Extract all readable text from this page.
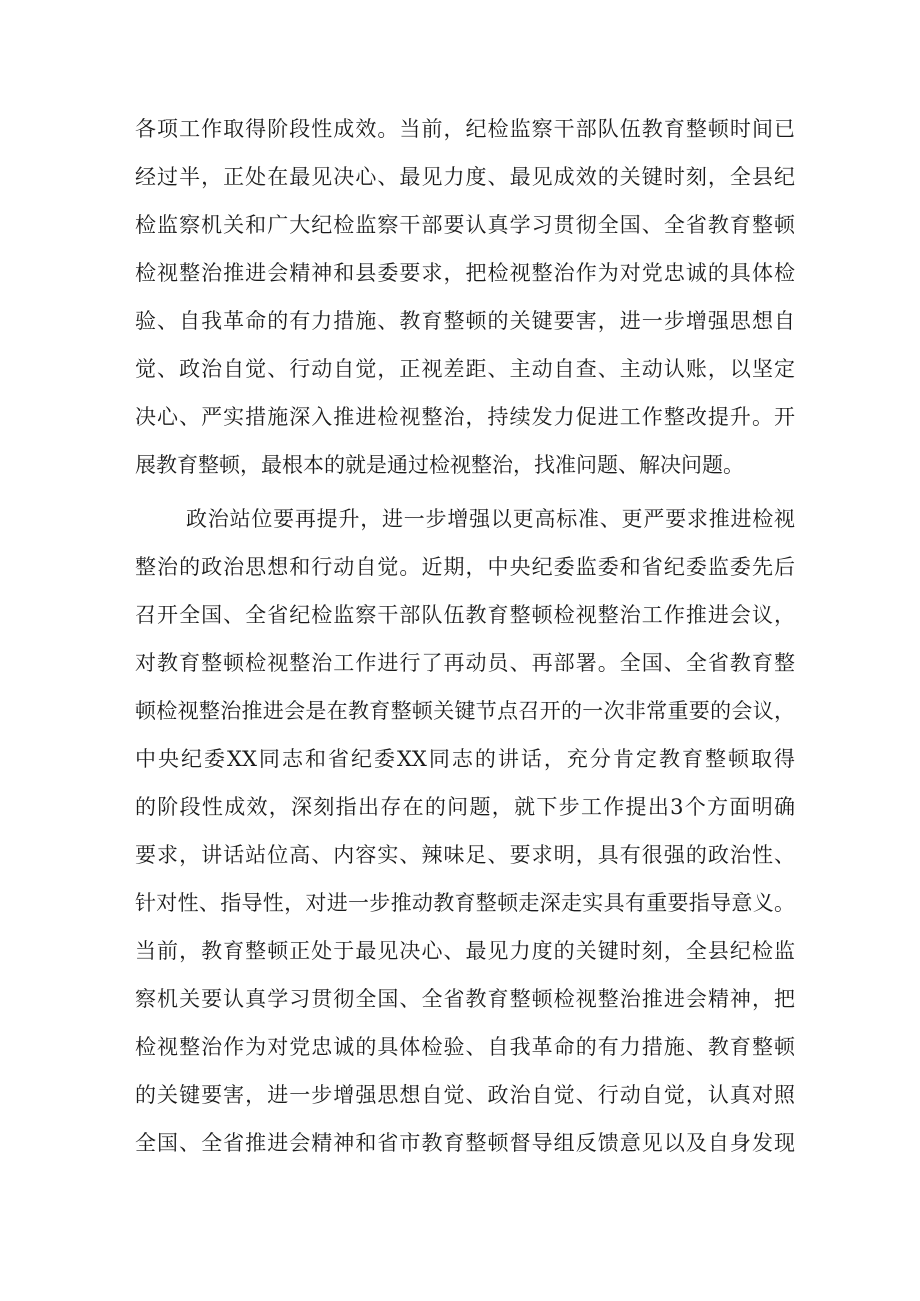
各项工作取得阶段性成效。当前，纪检监察干部队伍教育整顿时间已
经过半，正处在最见决心、最见力度、最见成效的关键时刻，全县纪
检监察机关和广大纪检监察干部要认真学习贯彻全国、全省教育整顿
检视整治推进会精神和县委要求，把检视整治作为对党忠诚的具体检
验、自我革命的有力措施、教育整顿的关键要害，进一步增强思想自
觉、政治自觉、行动自觉，正视差距、主动自查、主动认账，以坚定
决心、严实措施深入推进检视整治，持续发力促进工作整改提升。开
展教育整顿，最根本的就是通过检视整治，找准问题、解决问题。
政治站位要再提升，进一步增强以更高标准、更严要求推进检视
整治的政治思想和行动自觉。近期，中央纪委监委和省纪委监委先后
召开全国、全省纪检监察干部队伍教育整顿检视整治工作推进会议，
对教育整顿检视整治工作进行了再动员、再部署。全国、全省教育整
顿检视整治推进会是在教育整顿关键节点召开的一次非常重要的会议，
中央纪委XX同志和省纪委XX同志的讲话，充分肯定教育整顿取得
的阶段性成效，深刻指出存在的问题，就下步工作提出3个方面明确
要求，讲话站位高、内容实、辣味足、要求明，具有很强的政治性、
针对性、指导性，对进一步推动教育整顿走深走实具有重要指导意义。
当前，教育整顿正处于最见决心、最见力度的关键时刻，全县纪检监
察机关要认真学习贯彻全国、全省教育整顿检视整治推进会精神，把
检视整治作为对党忠诚的具体检验、自我革命的有力措施、教育整顿
的关键要害，进一步增强思想自觉、政治自觉、行动自觉，认真对照
全国、全省推进会精神和省市教育整顿督导组反馈意见以及自身发现
